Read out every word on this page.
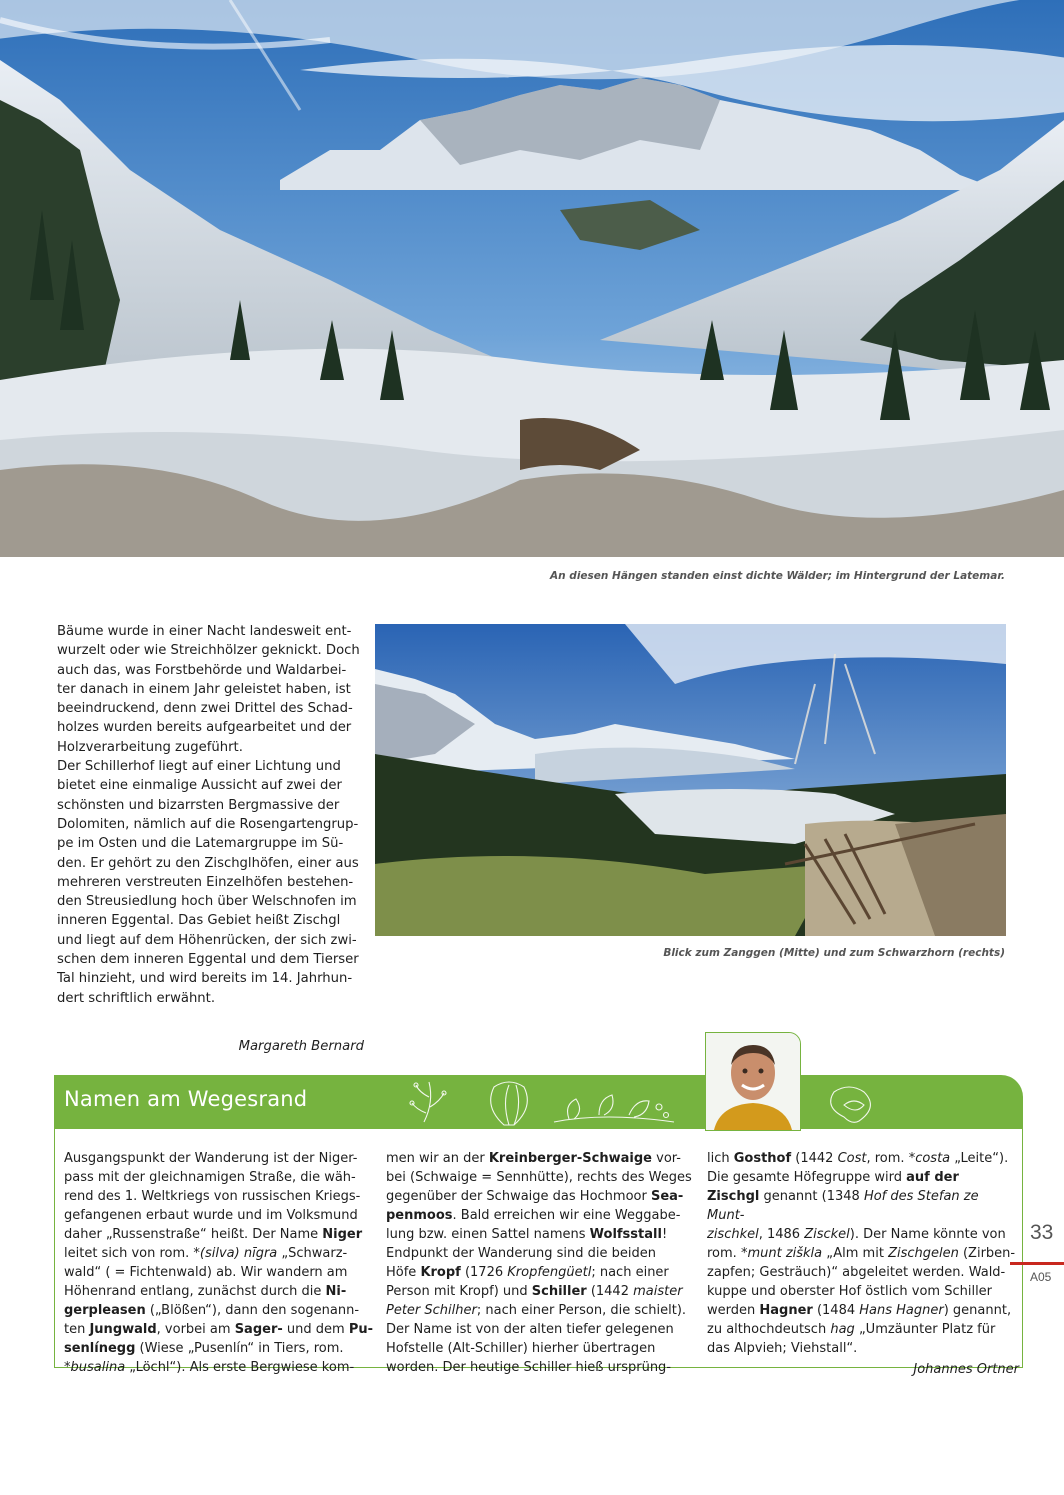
An diesen Hängen standen einst dichte Wälder; im Hintergrund der Latemar.
Bäume wurde in einer Nacht landesweit ent-
wurzelt oder wie Streichhölzer geknickt. Doch
auch das, was Forstbehörde und Waldarbei-
ter danach in einem Jahr geleistet haben, ist
beeindruckend, denn zwei Drittel des Schad-
holzes wurden bereits aufgearbeitet und der
Holzverarbeitung zugeführt.
Der Schillerhof liegt auf einer Lichtung und
bietet eine einmalige Aussicht auf zwei der
schönsten und bizarrsten Bergmassive der
Dolomiten, nämlich auf die Rosengartengrup-
pe im Osten und die Latemargruppe im Sü-
den. Er gehört zu den Zischglhöfen, einer aus
mehreren verstreuten Einzelhöfen bestehen-
den Streusiedlung hoch über Welschnofen im
inneren Eggental. Das Gebiet heißt Zischgl
und liegt auf dem Höhenrücken, der sich zwi-
schen dem inneren Eggental und dem Tierser
Tal hinzieht, und wird bereits im 14. Jahrhun-
dert schriftlich erwähnt.
Blick zum Zanggen (Mitte) und zum Schwarzhorn (rechts)
Margareth Bernard
Namen am Wegesrand
Ausgangspunkt der Wanderung ist der Niger-
pass mit der gleichnamigen Straße, die wäh-
rend des 1. Weltkriegs von russischen Kriegs-
gefangenen erbaut wurde und im Volksmund
daher „Russenstraße“ heißt. Der Name Niger
leitet sich von rom. *(silva) nīgra „Schwarz-
wald“ ( = Fichtenwald) ab. Wir wandern am
Höhenrand entlang, zunächst durch die Ni-
gerpleasen („Blößen“), dann den sogenann-
ten Jungwald, vorbei am Sager- und dem Pu-
senlínegg (Wiese „Pusenlín“ in Tiers, rom.
*busalina „Löchl“). Als erste Bergwiese kom-
men wir an der Kreinberger-Schwaige vor-
bei (Schwaige = Sennhütte), rechts des Weges
gegenüber der Schwaige das Hochmoor Sea-
penmoos. Bald erreichen wir eine Weggabe-
lung bzw. einen Sattel namens Wolfsstall!
Endpunkt der Wanderung sind die beiden
Höfe Kropf (1726 Kropfengüetl; nach einer
Person mit Kropf) und Schiller (1442 maister
Peter Schilher; nach einer Person, die schielt).
Der Name ist von der alten tiefer gelegenen
Hofstelle (Alt-Schiller) hierher übertragen
worden. Der heutige Schiller hieß ursprüng-
lich Gosthof (1442 Cost, rom. *costa „Leite“).
Die gesamte Höfegruppe wird auf der
Zischgl genannt (1348 Hof des Stefan ze Munt-
zischkel, 1486 Zisckel). Der Name könnte von
rom. *munt ziškla „Alm mit Zischgelen (Zirben-
zapfen; Gesträuch)“ abgeleitet werden. Wald-
kuppe und oberster Hof östlich vom Schiller
werden Hagner (1484 Hans Hagner) genannt,
zu althochdeutsch hag „Umzäunter Platz für
das Alpvieh; Viehstall“.
Johannes Ortner
33
A05
